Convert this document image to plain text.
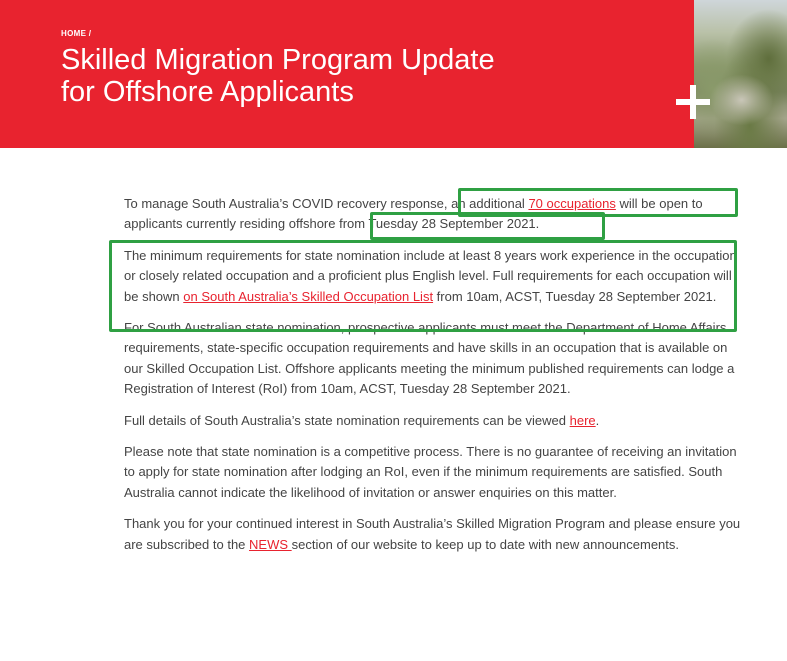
HOME /
Skilled Migration Program Update
for Offshore Applicants

To manage South Australia’s COVID recovery response, an additional 70 occupations will be open to applicants currently residing offshore from Tuesday 28 September 2021.

The minimum requirements for state nomination include at least 8 years work experience in the occupation or closely related occupation and a proficient plus English level. Full requirements for each occupation will be shown on South Australia’s Skilled Occupation List from 10am, ACST, Tuesday 28 September 2021.

For South Australian state nomination, prospective applicants must meet the Department of Home Affairs requirements, state-specific occupation requirements and have skills in an occupation that is available on our Skilled Occupation List. Offshore applicants meeting the minimum published requirements can lodge a Registration of Interest (RoI) from 10am, ACST, Tuesday 28 September 2021.

Full details of South Australia’s state nomination requirements can be viewed here.

Please note that state nomination is a competitive process. There is no guarantee of receiving an invitation to apply for state nomination after lodging an RoI, even if the minimum requirements are satisfied. South Australia cannot indicate the likelihood of invitation or answer enquiries on this matter.

Thank you for your continued interest in South Australia’s Skilled Migration Program and please ensure you are subscribed to the NEWS section of our website to keep up to date with new announcements.
